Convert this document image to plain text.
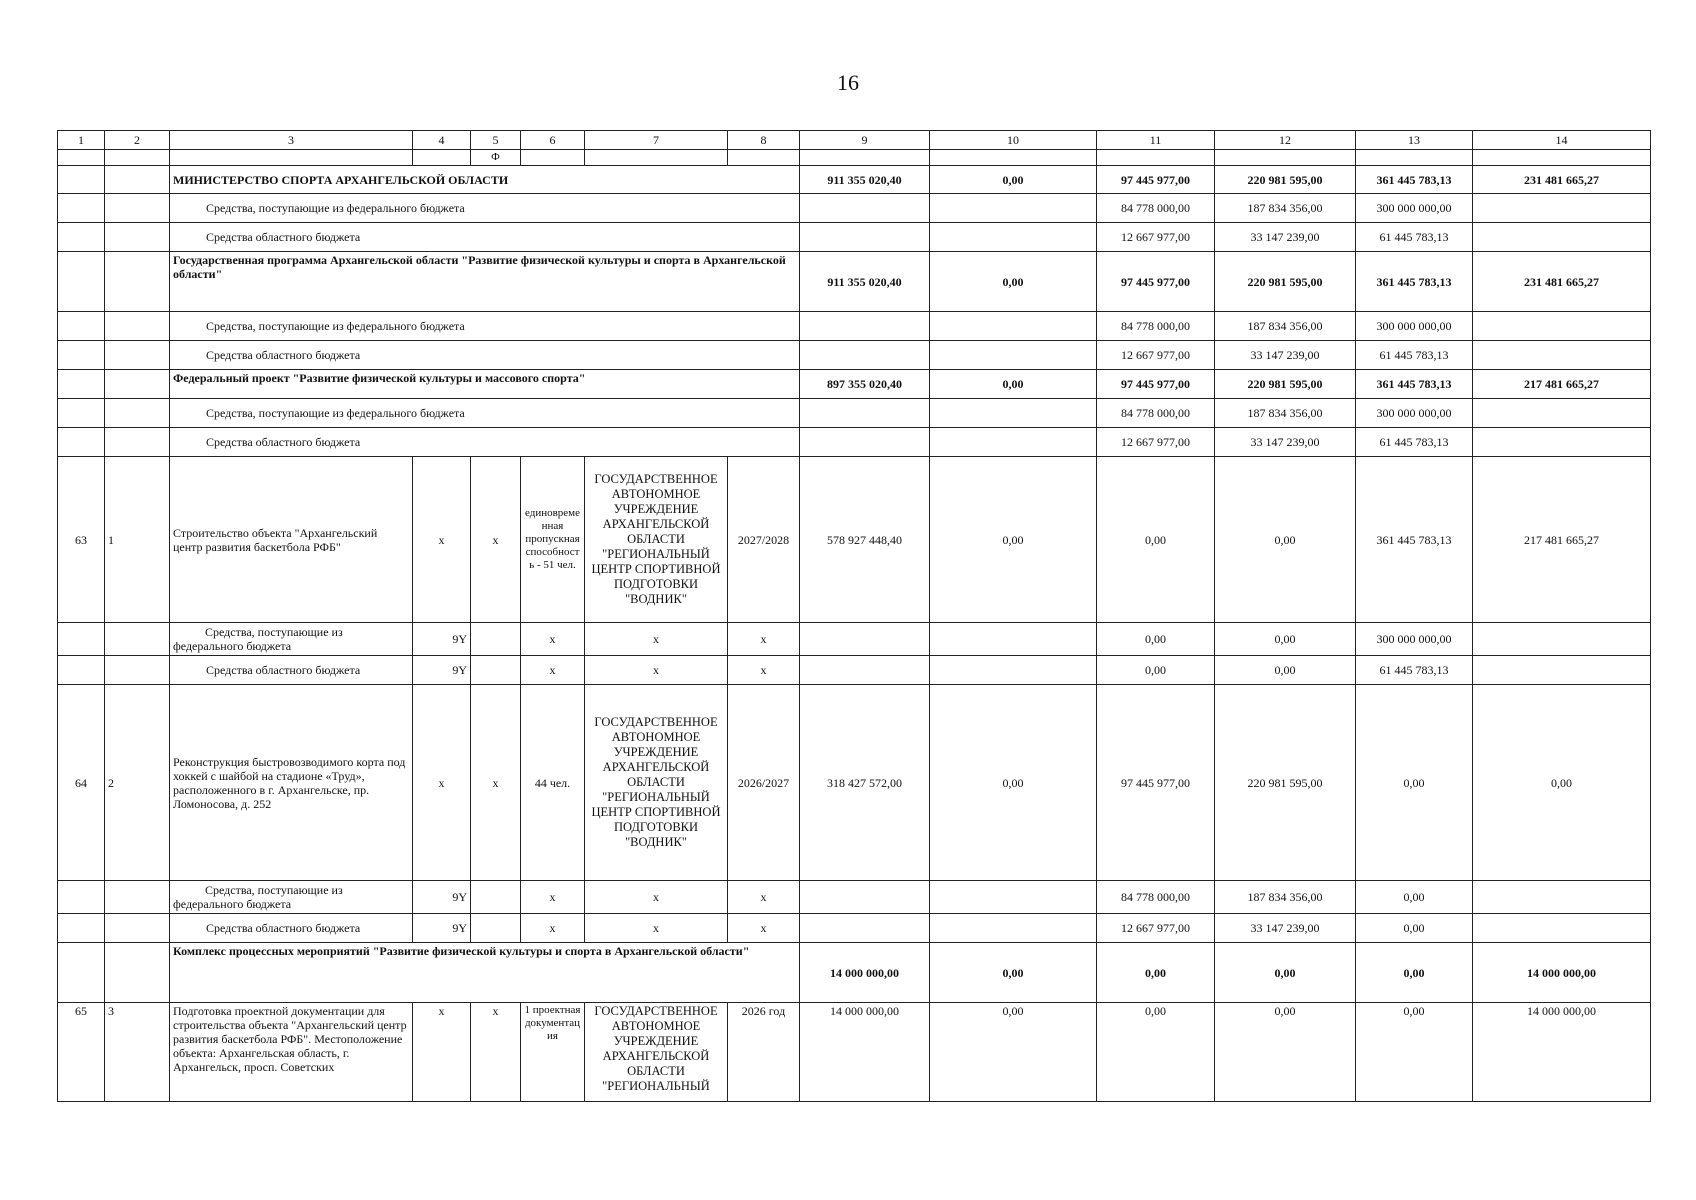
16
1	2	3	4	5	6	7	8	9	10	11	12	13	14
				Ф									
		МИНИСТЕРСТВО СПОРТА АРХАНГЕЛЬСКОЙ ОБЛАСТИ						911 355 020,40	0,00	97 445 977,00	220 981 595,00	361 445 783,13	231 481 665,27
		Средства, поступающие из федерального бюджета								84 778 000,00	187 834 356,00	300 000 000,00	
		Средства областного бюджета								12 667 977,00	33 147 239,00	61 445 783,13	
		Государственная программа Архангельской области "Развитие физической культуры и спорта в Архангельской области"						911 355 020,40	0,00	97 445 977,00	220 981 595,00	361 445 783,13	231 481 665,27
		Средства, поступающие из федерального бюджета								84 778 000,00	187 834 356,00	300 000 000,00	
		Средства областного бюджета								12 667 977,00	33 147 239,00	61 445 783,13	
		Федеральный проект "Развитие физической культуры и массового спорта"						897 355 020,40	0,00	97 445 977,00	220 981 595,00	361 445 783,13	217 481 665,27
		Средства, поступающие из федерального бюджета								84 778 000,00	187 834 356,00	300 000 000,00	
		Средства областного бюджета								12 667 977,00	33 147 239,00	61 445 783,13	
63	1	Строительство объекта "Архангельский центр развития баскетбола РФБ"	x	x	единовременная пропускная способность - 51 чел.	ГОСУДАРСТВЕННОЕ АВТОНОМНОЕ УЧРЕЖДЕНИЕ АРХАНГЕЛЬСКОЙ ОБЛАСТИ "РЕГИОНАЛЬНЫЙ ЦЕНТР СПОРТИВНОЙ ПОДГОТОВКИ "ВОДНИК"	2027/2028	578 927 448,40	0,00	0,00	0,00	361 445 783,13	217 481 665,27
		Средства, поступающие из федерального бюджета	9Y		x	x	x			0,00	0,00	300 000 000,00	
		Средства областного бюджета	9Y		x	x	x			0,00	0,00	61 445 783,13	
64	2	Реконструкция быстровозводимого корта под хоккей с шайбой на стадионе «Труд», расположенного в г. Архангельске, пр. Ломоносова, д. 252	x	x	44 чел.	ГОСУДАРСТВЕННОЕ АВТОНОМНОЕ УЧРЕЖДЕНИЕ АРХАНГЕЛЬСКОЙ ОБЛАСТИ "РЕГИОНАЛЬНЫЙ ЦЕНТР СПОРТИВНОЙ ПОДГОТОВКИ "ВОДНИК"	2026/2027	318 427 572,00	0,00	97 445 977,00	220 981 595,00	0,00	0,00
		Средства, поступающие из федерального бюджета	9Y		x	x	x			84 778 000,00	187 834 356,00	0,00	
		Средства областного бюджета	9Y		x	x	x			12 667 977,00	33 147 239,00	0,00	
		Комплекс процессных мероприятий "Развитие физической культуры и спорта в Архангельской области"						14 000 000,00	0,00	0,00	0,00	0,00	14 000 000,00
65	3	Подготовка проектной документации для строительства объекта "Архангельский центр развития баскетбола РФБ". Местоположение объекта: Архангельская область, г. Архангельск, просп. Советских	x	x	1 проектная документация	ГОСУДАРСТВЕННОЕ АВТОНОМНОЕ УЧРЕЖДЕНИЕ АРХАНГЕЛЬСКОЙ ОБЛАСТИ "РЕГИОНАЛЬНЫЙ	2026 год	14 000 000,00	0,00	0,00	0,00	0,00	14 000 000,00
